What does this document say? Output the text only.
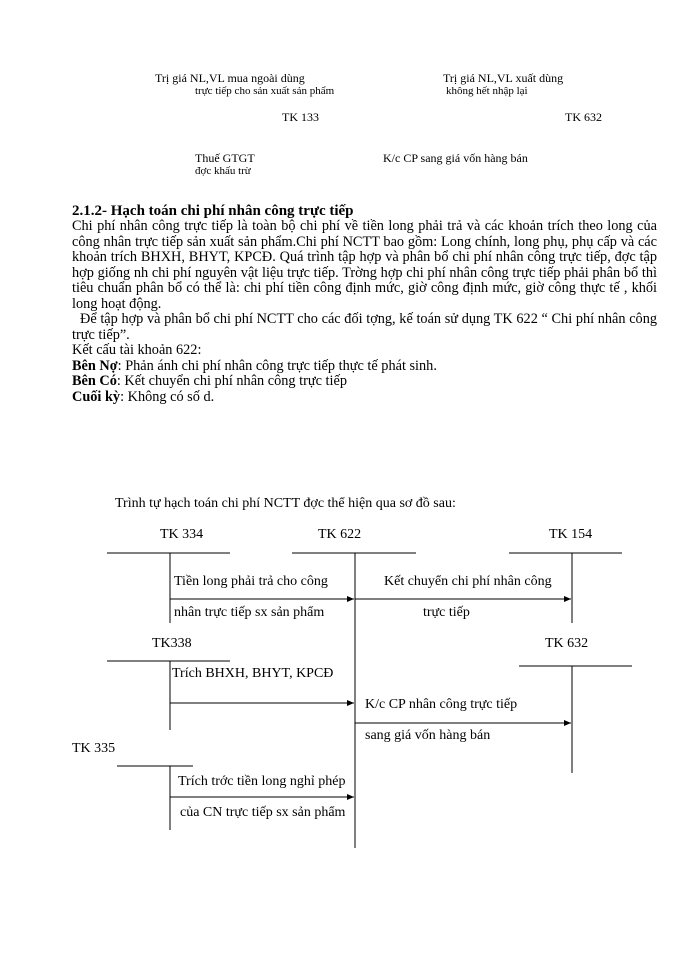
Trị giá NL,VL mua ngoài dùng
trực tiếp cho sản xuất sản phẩm
Trị giá NL,VL xuất dùng
không hết nhập lại
TK 133	TK 632
Thuế GTGT
đợc khấu trừ
K/c CP sang giá vốn hàng bán
2.1.2- Hạch toán chi phí nhân công trực tiếp

Chi phí nhân công trực tiếp là toàn bộ chi phí về tiền long phải trả và các khoản trích theo long của công nhân trực tiếp sản xuất sản phẩm.Chi phí NCTT bao gồm: Long chính, long phụ, phụ cấp và các khoản trích BHXH, BHYT, KPCĐ. Quá trình tập hợp và phân bổ chi phí nhân công trực tiếp, đợc tập hợp giống nh chi phí nguyên vật liệu trực tiếp. Trờng hợp chi phí nhân công trực tiếp phải phân bổ thì tiêu chuẩn phân bổ có thể là: chi phí tiền công định mức, giờ công định mức, giờ công thực tế , khối long hoạt động.

Để tập hợp và phân bổ chi phí NCTT cho các đối tợng, kế toán sử dụng TK 622 “ Chi phí nhân công trực tiếp”.

Kết cấu tài khoản 622:

Bên Nợ: Phản ánh chi phí nhân công trực tiếp thực tế phát sinh.

Bên Có: Kết chuyển chi phí nhân công trực tiếp

Cuối kỳ: Không có số d.

Trình tự hạch toán chi phí NCTT đợc thể hiện qua sơ đồ sau:
TK 334	TK 622	TK 154
TK338	TK 632
TK 335
Tiền long phải trả cho công
nhân trực tiếp sx sản phẩm
Kết chuyển chi phí nhân công
trực tiếp
Trích BHXH, BHYT, KPCĐ
K/c CP nhân công trực tiếp
sang giá vốn hàng bán
Trích trớc tiền long nghỉ phép
của CN trực tiếp sx sản phẩm
